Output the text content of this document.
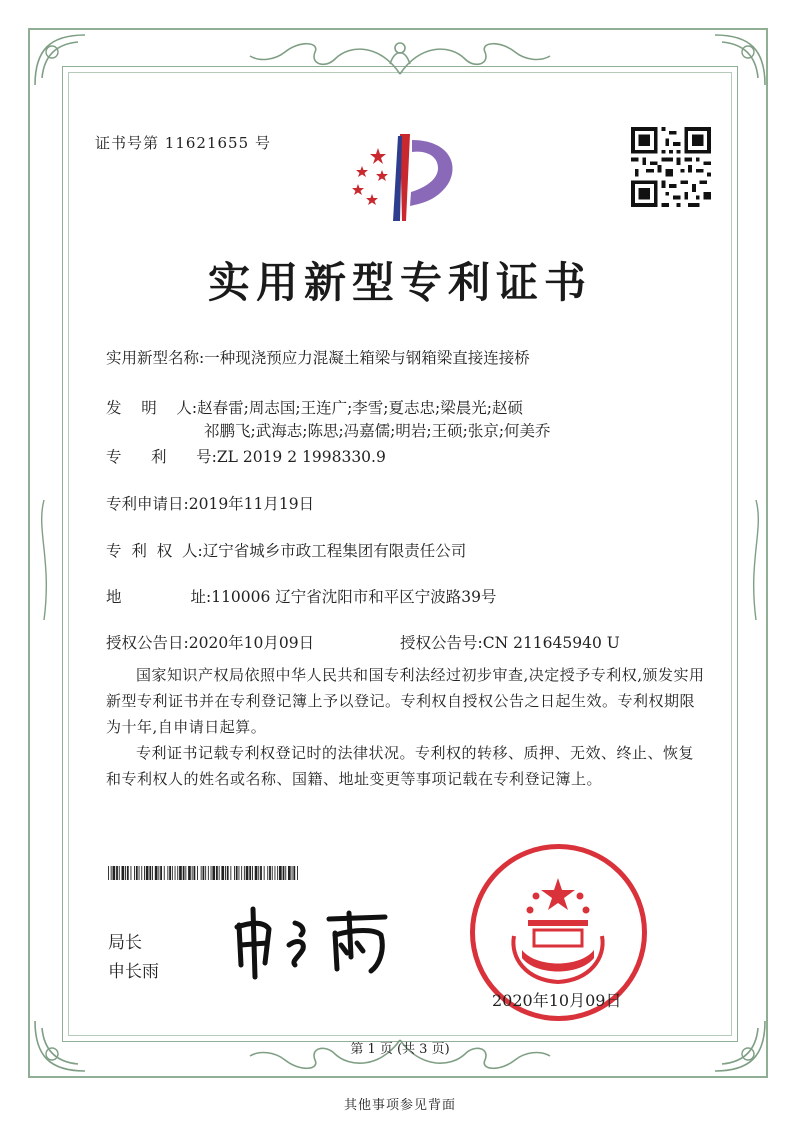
证书号第 11621655 号
实用新型专利证书
实用新型名称:一种现浇预应力混凝土箱梁与钢箱梁直接连接桥
发    明    人:赵春雷;周志国;王连广;李雪;夏志忠;梁晨光;赵硕
祁鹏飞;武海志;陈思;冯嘉儒;明岩;王硕;张京;何美乔
专      利      号:ZL 2019 2 1998330.9
专利申请日:2019年11月19日
专  利  权  人:辽宁省城乡市政工程集团有限责任公司
地              址:110006 辽宁省沈阳市和平区宁波路39号
授权公告日:2020年10月09日	授权公告号:CN 211645940 U
国家知识产权局依照中华人民共和国专利法经过初步审查,决定授予专利权,颁发实用新型专利证书并在专利登记簿上予以登记。专利权自授权公告之日起生效。专利权期限为十年,自申请日起算。
专利证书记载专利权登记时的法律状况。专利权的转移、质押、无效、终止、恢复和专利权人的姓名或名称、国籍、地址变更等事项记载在专利登记簿上。
局长
申长雨
2020年10月09日
第 1 页 (共 3 页)
其他事项参见背面
